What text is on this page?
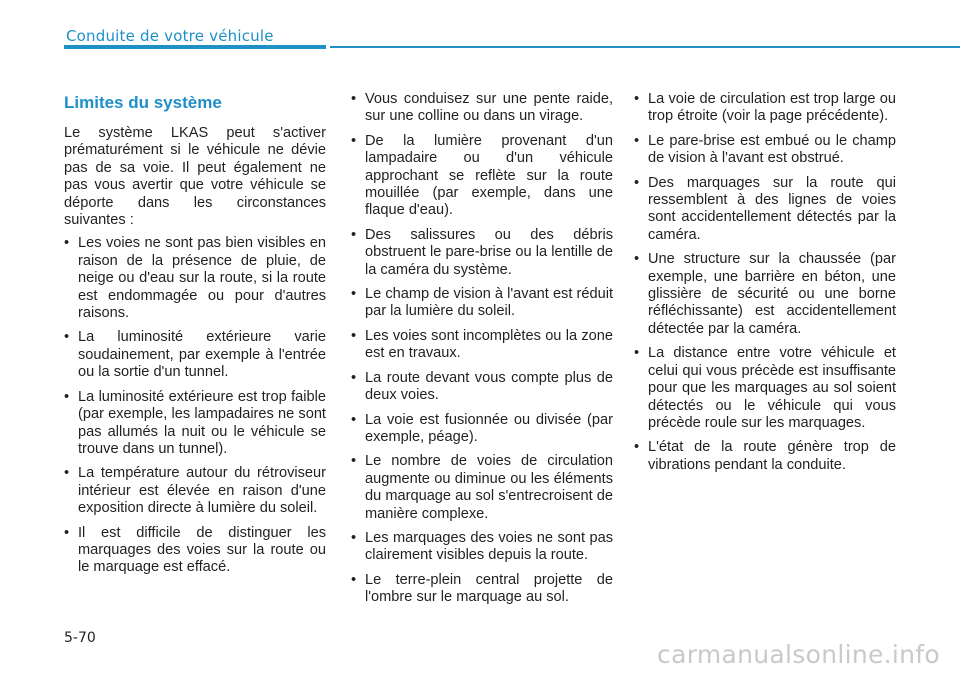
Conduite de votre véhicule
Limites du système

Le système LKAS peut s'activer prématurément si le véhicule ne dévie pas de sa voie. Il peut également ne pas vous avertir que votre véhicule se déporte dans les circonstances suivantes :

• Les voies ne sont pas bien visibles en raison de la présence de pluie, de neige ou d'eau sur la route, si la route est endommagée ou pour d'autres raisons.
• La luminosité extérieure varie soudainement, par exemple à l'entrée ou la sortie d'un tunnel.
• La luminosité extérieure est trop faible (par exemple, les lampadaires ne sont pas allumés la nuit ou le véhicule se trouve dans un tunnel).
• La température autour du rétroviseur intérieur est élevée en raison d'une exposition directe à lumière du soleil.
• Il est difficile de distinguer les marquages des voies sur la route ou le marquage est effacé.
• Vous conduisez sur une pente raide, sur une colline ou dans un virage.
• De la lumière provenant d'un lampadaire ou d'un véhicule approchant se reflète sur la route mouillée (par exemple, dans une flaque d'eau).
• Des salissures ou des débris obstruent le pare-brise ou la lentille de la caméra du système.
• Le champ de vision à l'avant est réduit par la lumière du soleil.
• Les voies sont incomplètes ou la zone est en travaux.
• La route devant vous compte plus de deux voies.
• La voie est fusionnée ou divisée (par exemple, péage).
• Le nombre de voies de circulation augmente ou diminue ou les éléments du marquage au sol s'entrecroisent de manière complexe.
• Les marquages des voies ne sont pas clairement visibles depuis la route.
• Le terre-plein central projette de l'ombre sur le marquage au sol.
• La voie de circulation est trop large ou trop étroite (voir la page précédente).
• Le pare-brise est embué ou le champ de vision à l'avant est obstrué.
• Des marquages sur la route qui ressemblent à des lignes de voies sont accidentellement détectés par la caméra.
• Une structure sur la chaussée (par exemple, une barrière en béton, une glissière de sécurité ou une borne réfléchissante) est accidentellement détectée par la caméra.
• La distance entre votre véhicule et celui qui vous précède est insuffisante pour que les marquages au sol soient détectés ou le véhicule qui vous précède roule sur les marquages.
• L'état de la route génère trop de vibrations pendant la conduite.
5-70
carmanualsonline.info
